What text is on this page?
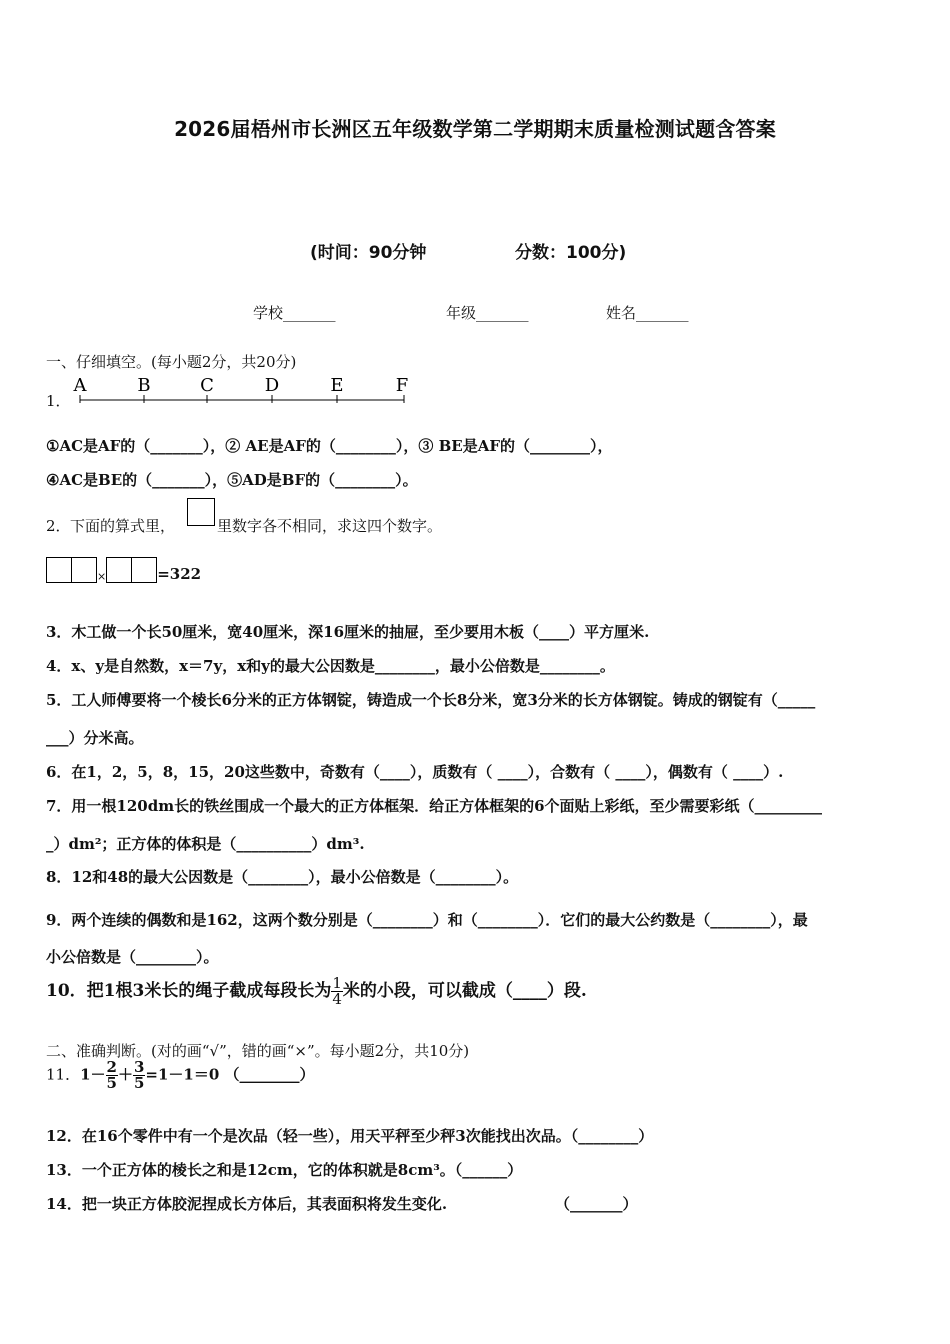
2026届梧州市长洲区五年级数学第二学期期末质量检测试题含答案
(时间：90分钟	分数：100分)
学校_______	年级_______	姓名_______
一、仔细填空。(每小题2分，共20分)
1．
A	B	C	D	E	F
①AC是AF的（_______），② AE是AF的（________），③ BE是AF的（________），
④AC是BE的（_______），⑤AD是BF的（________）。
2． 下面的算式里，	里数字各不相同，求这四个数字。
×	=322
3．木工做一个长50厘米，宽40厘米，深16厘米的抽屉，至少要用木板（____）平方厘米.
4．x、y是自然数，x＝7y，x和y的最大公因数是________，最小公倍数是________。
5．工人师傅要将一个棱长6分米的正方体钢锭，铸造成一个长8分米，宽3分米的长方体钢锭。铸成的钢锭有（_____
___）分米高。
6．在1，2，5，8，15，20这些数中，奇数有（____），质数有（ ____），合数有（ ____），偶数有（ ____）.
7．用一根120dm长的铁丝围成一个最大的正方体框架．给正方体框架的6个面贴上彩纸，至少需要彩纸（_________
_）dm²；正方体的体积是（__________）dm³.
8．12和48的最大公因数是（________），最小公倍数是（________）。
9．两个连续的偶数和是162，这两个数分别是（________）和（________）．它们的最大公约数是（________），最
小公倍数是（________）。
10．把1根3米长的绳子截成每段长为 $\frac{1}{4}$ 米的小段，可以截成（____）段.
二、准确判断。(对的画“√”，错的画“×”。每小题2分，共10分)
11．$1- \frac{2}{5} + \frac{3}{5} =1-1=0$ （________）
12．在16个零件中有一个是次品（轻一些），用天平秤至少秤3次能找出次品。（________）
13．一个正方体的棱长之和是12cm，它的体积就是8cm³。（______）
14．把一块正方体胶泥捏成长方体后，其表面积将发生变化.	（_______）
